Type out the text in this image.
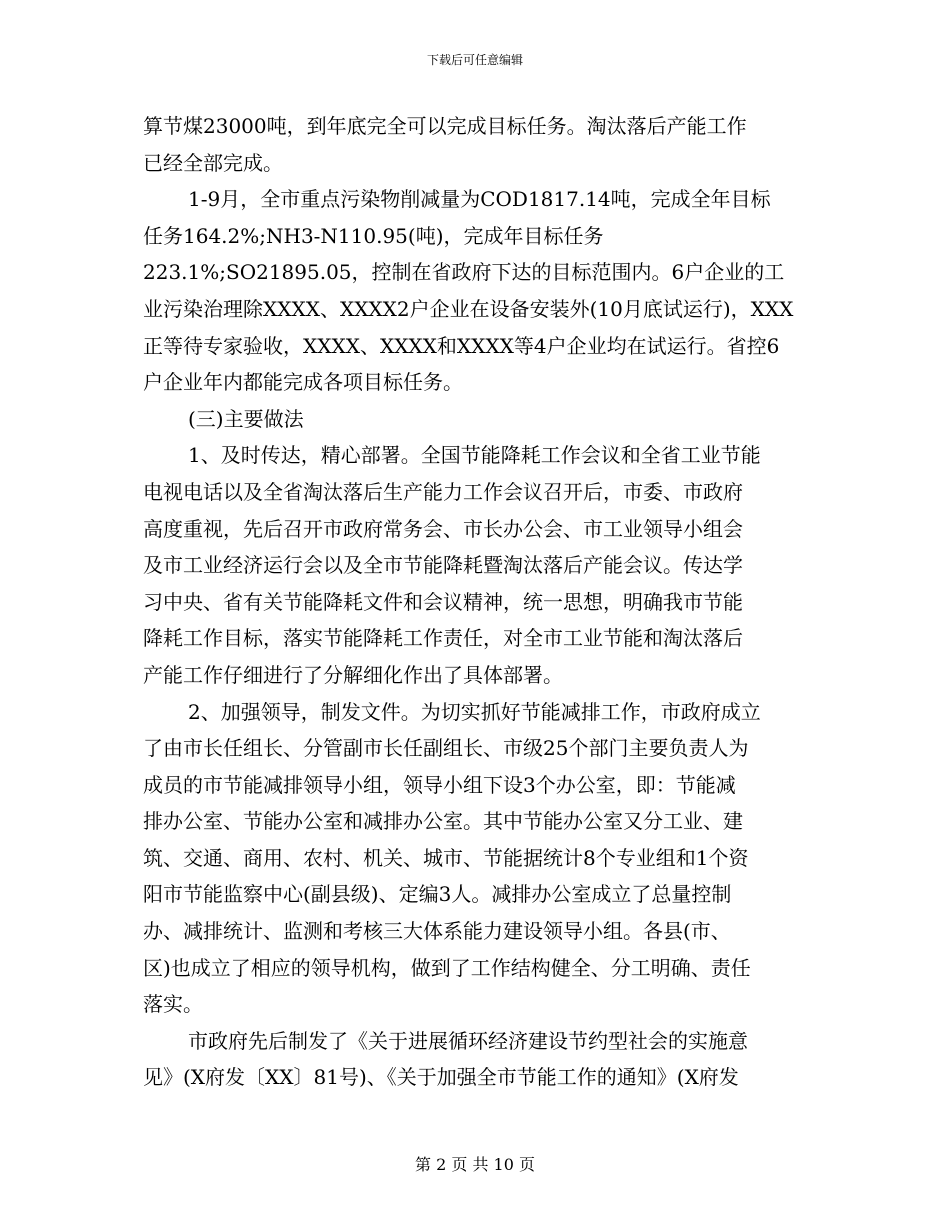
下载后可任意编辑
算节煤23000吨，到年底完全可以完成目标任务。淘汰落后产能工作
已经全部完成。
1-9月，全市重点污染物削减量为COD1817.14吨，完成全年目标
任务164.2%;NH3-N110.95(吨)，完成年目标任务
223.1%;SO21895.05，控制在省政府下达的目标范围内。6户企业的工
业污染治理除XXXX、XXXX2户企业在设备安装外(10月底试运行)，XXX
正等待专家验收，XXXX、XXXX和XXXX等4户企业均在试运行。省控6
户企业年内都能完成各项目标任务。
(三)主要做法
1、及时传达，精心部署。全国节能降耗工作会议和全省工业节能
电视电话以及全省淘汰落后生产能力工作会议召开后，市委、市政府
高度重视，先后召开市政府常务会、市长办公会、市工业领导小组会
及市工业经济运行会以及全市节能降耗暨淘汰落后产能会议。传达学
习中央、省有关节能降耗文件和会议精神，统一思想，明确我市节能
降耗工作目标，落实节能降耗工作责任，对全市工业节能和淘汰落后
产能工作仔细进行了分解细化作出了具体部署。
2、加强领导，制发文件。为切实抓好节能减排工作，市政府成立
了由市长任组长、分管副市长任副组长、市级25个部门主要负责人为
成员的市节能减排领导小组，领导小组下设3个办公室，即：节能减
排办公室、节能办公室和减排办公室。其中节能办公室又分工业、建
筑、交通、商用、农村、机关、城市、节能据统计8个专业组和1个资
阳市节能监察中心(副县级)、定编3人。减排办公室成立了总量控制
办、减排统计、监测和考核三大体系能力建设领导小组。各县(市、
区)也成立了相应的领导机构，做到了工作结构健全、分工明确、责任
落实。
市政府先后制发了《关于进展循环经济建设节约型社会的实施意
见》(X府发〔XX〕81号)、《关于加强全市节能工作的通知》(X府发
第 2 页 共 10 页
